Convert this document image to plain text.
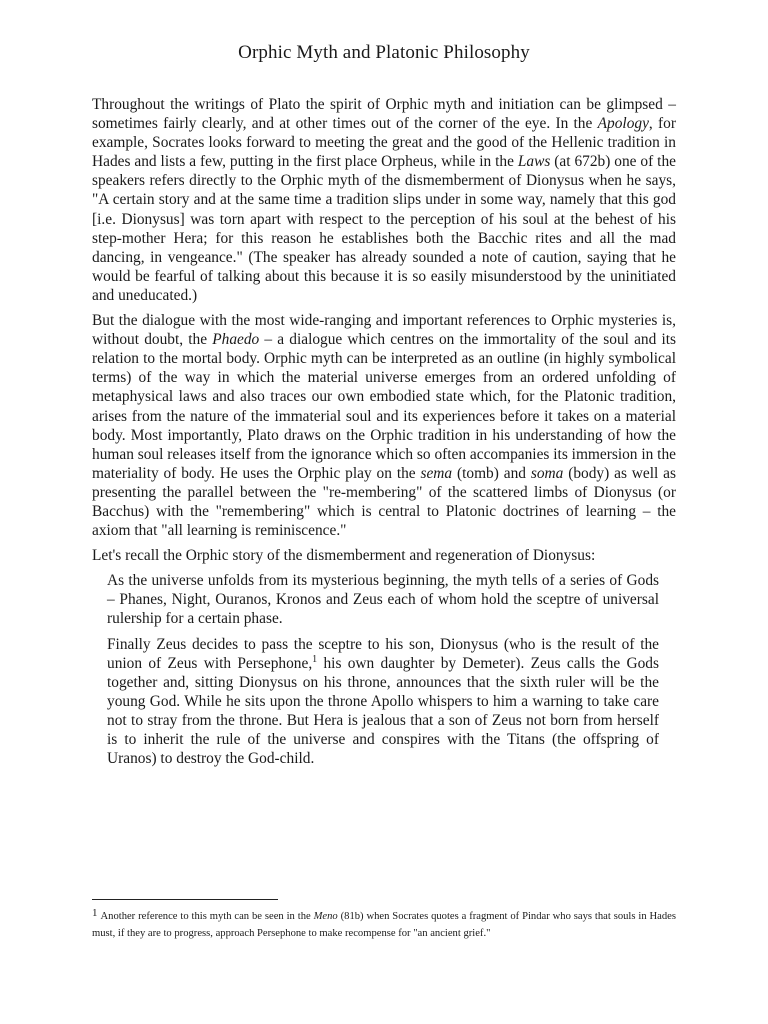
Orphic Myth and Platonic Philosophy

Throughout the writings of Plato the spirit of Orphic myth and initiation can be glimpsed – sometimes fairly clearly, and at other times out of the corner of the eye. In the Apology, for example, Socrates looks forward to meeting the great and the good of the Hellenic tradition in Hades and lists a few, putting in the first place Orpheus, while in the Laws (at 672b) one of the speakers refers directly to the Orphic myth of the dismemberment of Dionysus when he says, "A certain story and at the same time a tradition slips under in some way, namely that this god [i.e. Dionysus] was torn apart with respect to the perception of his soul at the behest of his step-mother Hera; for this reason he establishes both the Bacchic rites and all the mad dancing, in vengeance." (The speaker has already sounded a note of caution, saying that he would be fearful of talking about this because it is so easily misunderstood by the uninitiated and uneducated.)

But the dialogue with the most wide-ranging and important references to Orphic mysteries is, without doubt, the Phaedo – a dialogue which centres on the immortality of the soul and its relation to the mortal body. Orphic myth can be interpreted as an outline (in highly symbolical terms) of the way in which the material universe emerges from an ordered unfolding of metaphysical laws and also traces our own embodied state which, for the Platonic tradition, arises from the nature of the immaterial soul and its experiences before it takes on a material body. Most importantly, Plato draws on the Orphic tradition in his understanding of how the human soul releases itself from the ignorance which so often accompanies its immersion in the materiality of body. He uses the Orphic play on the sema (tomb) and soma (body) as well as presenting the parallel between the "re-membering" of the scattered limbs of Dionysus (or Bacchus) with the "remembering" which is central to Platonic doctrines of learning – the axiom that "all learning is reminiscence."

Let's recall the Orphic story of the dismemberment and regeneration of Dionysus:

As the universe unfolds from its mysterious beginning, the myth tells of a series of Gods – Phanes, Night, Ouranos, Kronos and Zeus each of whom hold the sceptre of universal rulership for a certain phase.

Finally Zeus decides to pass the sceptre to his son, Dionysus (who is the result of the union of Zeus with Persephone,$^1$ his own daughter by Demeter). Zeus calls the Gods together and, sitting Dionysus on his throne, announces that the sixth ruler will be the young God. While he sits upon the throne Apollo whispers to him a warning to take care not to stray from the throne. But Hera is jealous that a son of Zeus not born from herself is to inherit the rule of the universe and conspires with the Titans (the offspring of Uranos) to destroy the God-child.

$^1$ Another reference to this myth can be seen in the Meno (81b) when Socrates quotes a fragment of Pindar who says that souls in Hades must, if they are to progress, approach Persephone to make recompense for "an ancient grief."
